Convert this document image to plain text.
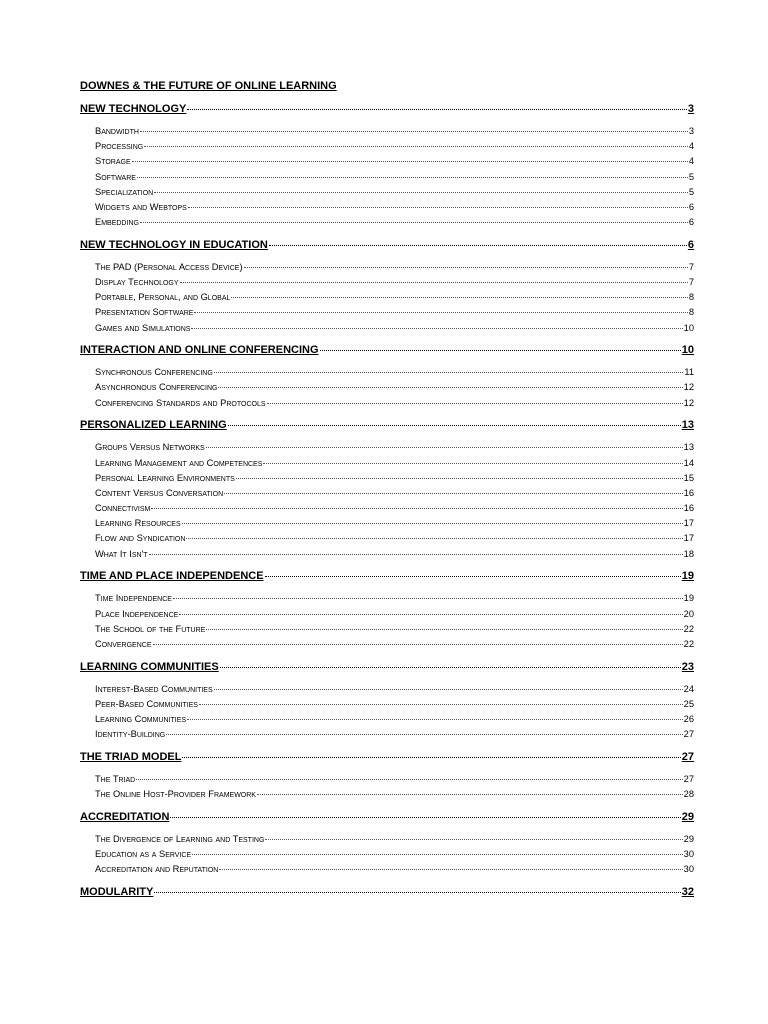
DOWNES & THE FUTURE OF ONLINE LEARNING
NEW TECHNOLOGY	3
Bandwidth	3
Processing	4
Storage	4
Software	5
Specialization	5
Widgets and Webtops	6
Embedding	6
NEW TECHNOLOGY IN EDUCATION	6
The PAD (Personal Access Device)	7
Display Technology	7
Portable, Personal, and Global	8
Presentation Software	8
Games and Simulations	10
INTERACTION AND ONLINE CONFERENCING	10
Synchronous Conferencing	11
Asynchronous Conferencing	12
Conferencing Standards and Protocols	12
PERSONALIZED LEARNING	13
Groups Versus Networks	13
Learning Management and Competences	14
Personal Learning Environments	15
Content Versus Conversation	16
Connectivism	16
Learning Resources	17
Flow and Syndication	17
What It Isn't	18
TIME AND PLACE INDEPENDENCE	19
Time Independence	19
Place Independence	20
The School of the Future	22
Convergence	22
LEARNING COMMUNITIES	23
Interest-Based Communities	24
Peer-Based Communities	25
Learning Communities	26
Identity-Building	27
THE TRIAD MODEL	27
The Triad	27
The Online Host-Provider Framework	28
ACCREDITATION	29
The Divergence of Learning and Testing	29
Education as a Service	30
Accreditation and Reputation	30
MODULARITY	32
